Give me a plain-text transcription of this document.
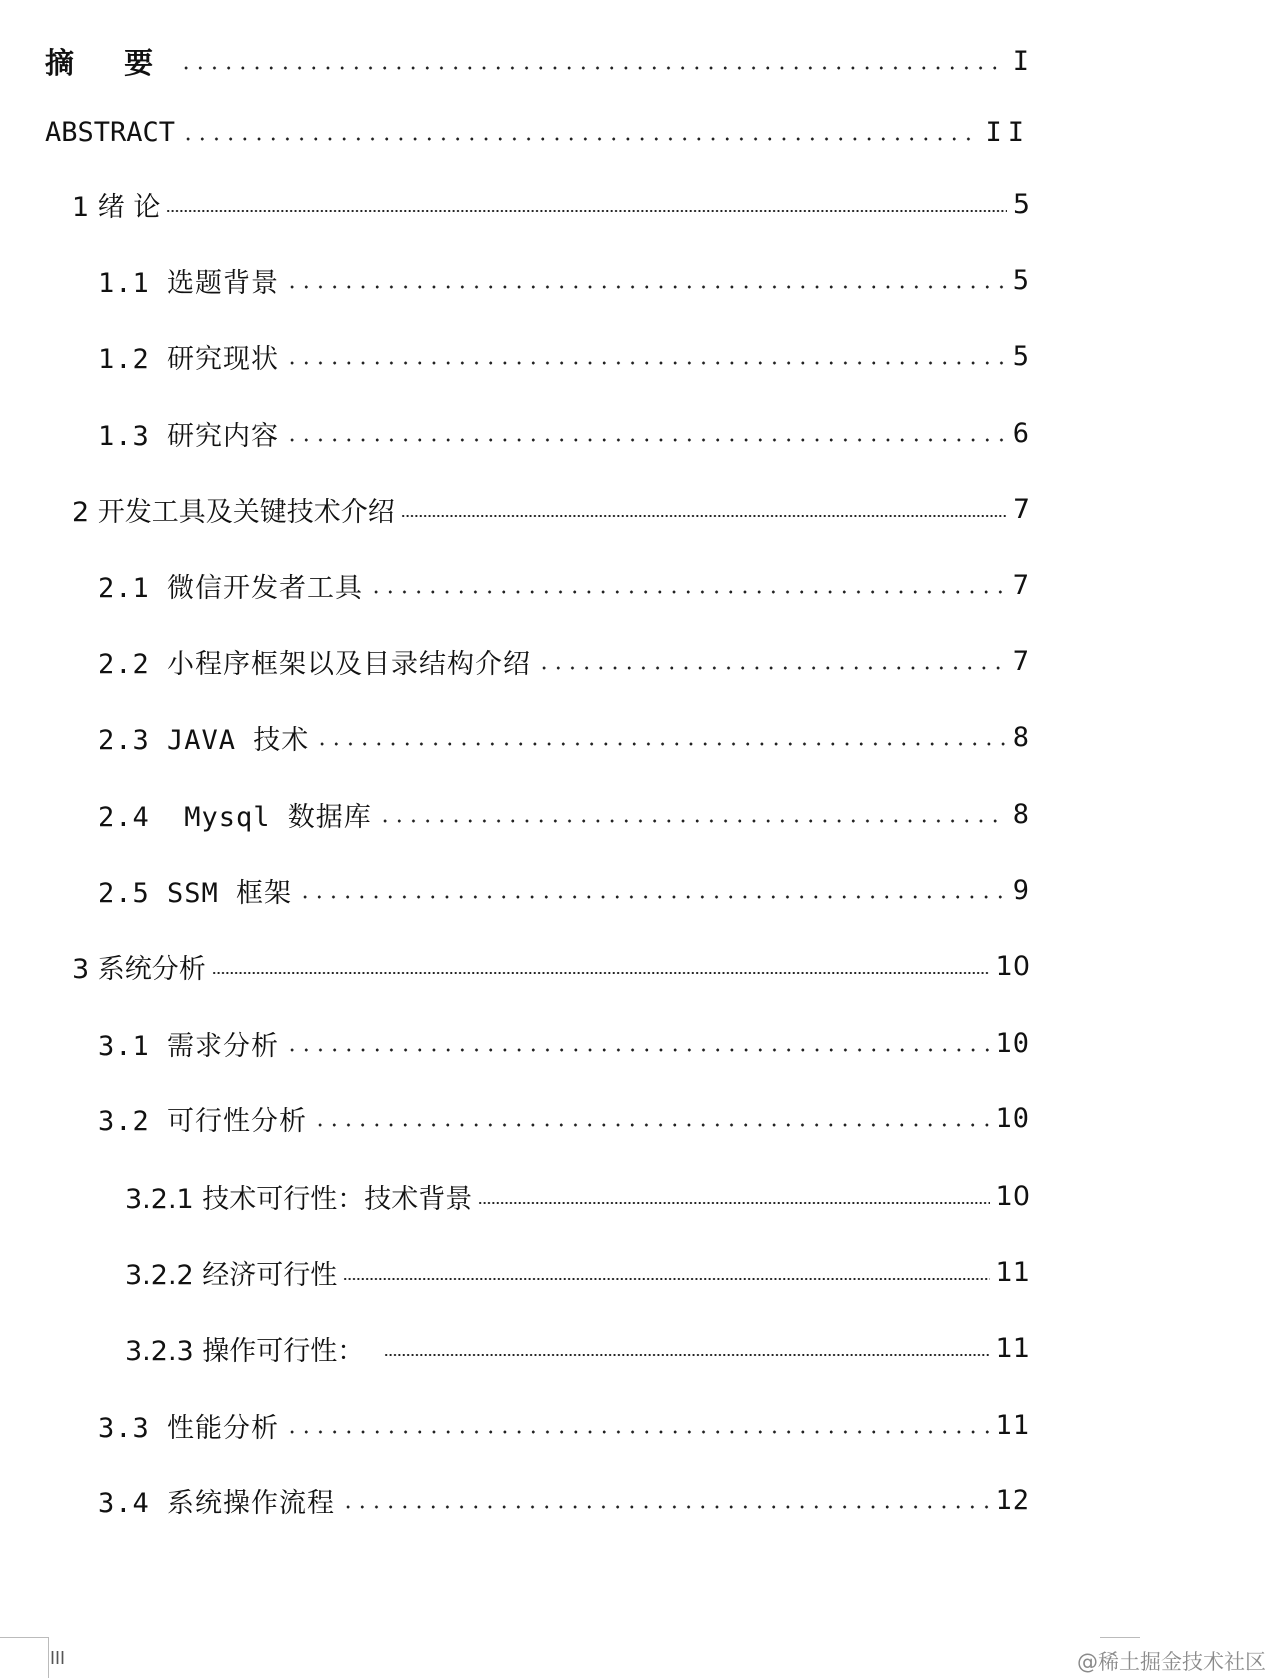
摘 要	I
ABSTRACT	II
1 绪 论	5
1.1 选题背景	5
1.2 研究现状	5
1.3 研究内容	6
2 开发工具及关键技术介绍	7
2.1 微信开发者工具	7
2.2 小程序框架以及目录结构介绍	7
2.3 JAVA 技术	8
2.4  Mysql 数据库	8
2.5 SSM 框架	9
3 系统分析	10
3.1 需求分析	10
3.2 可行性分析	10
3.2.1 技术可行性：技术背景	10
3.2.2 经济可行性	11
3.2.3 操作可行性：	11
3.3 性能分析	11
3.4 系统操作流程	12
III	@稀土掘金技术社区
